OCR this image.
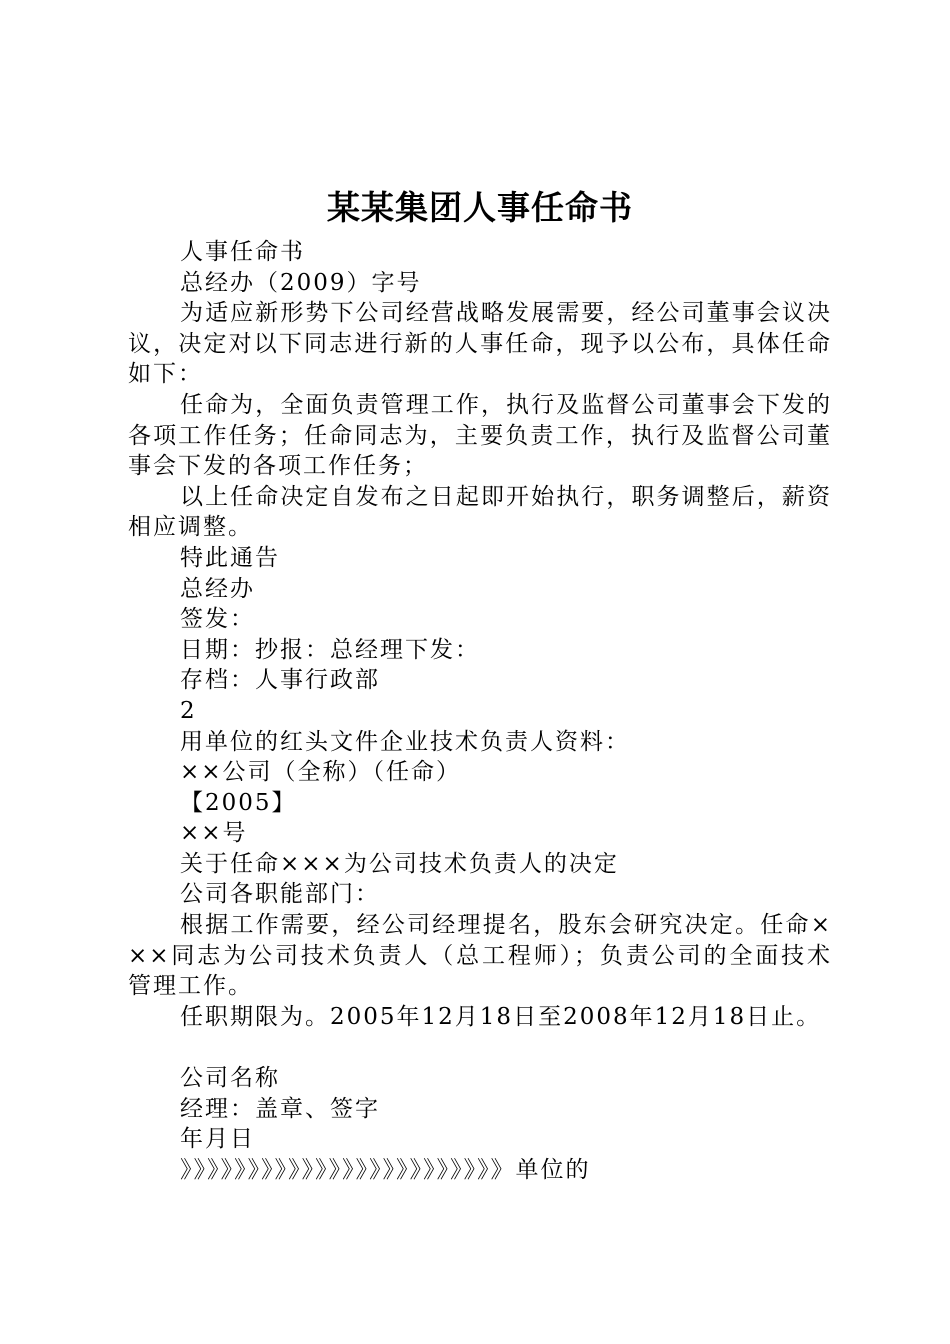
某某集团人事任命书

人事任命书

总经办（2009）字号

为适应新形势下公司经营战略发展需要，经公司董事会议决议，决定对以下同志进行新的人事任命，现予以公布，具体任命如下：

任命为，全面负责管理工作，执行及监督公司董事会下发的各项工作任务；任命同志为，主要负责工作，执行及监督公司董事会下发的各项工作任务；

以上任命决定自发布之日起即开始执行，职务调整后，薪资相应调整。

特此通告

总经办

签发：

日期：抄报：总经理下发：

存档：人事行政部

2

用单位的红头文件企业技术负责人资料：

××公司（全称）（任命）

【2005】

××号

关于任命×××为公司技术负责人的决定

公司各职能部门：

根据工作需要，经公司经理提名，股东会研究决定。任命×××同志为公司技术负责人（总工程师）；负责公司的全面技术管理工作。

任职期限为。2005年12月18日至2008年12月18日止。

公司名称

经理：盖章、签字

年月日

》》》》》》》》》》》》》》》》》》》》》》》》单位的
